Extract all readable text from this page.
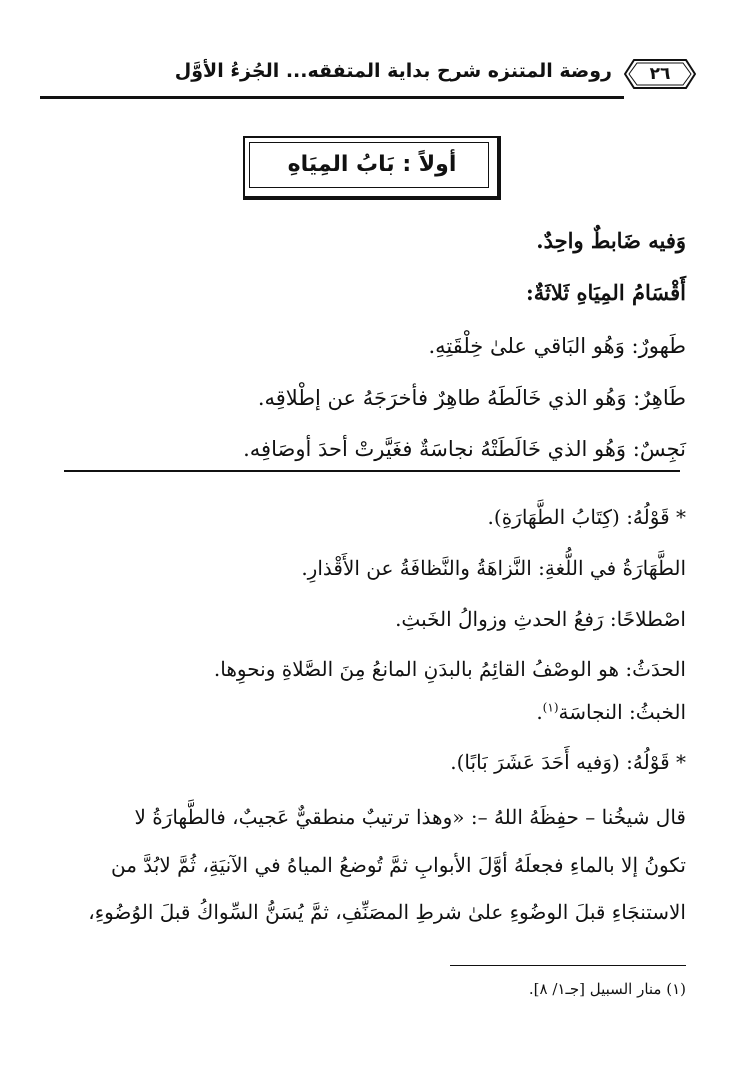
٢٦
روضة المتنزه شرح بداية المتفقه... الجُزءُ الأوَّل
أولاً : بَابُ المِيَاهِ
وَفيه ضَابطٌ واحِدٌ.
أَقْسَامُ المِيَاهِ ثَلاثَةٌ:
طَهورٌ: وَهُو البَاقي علىٰ خِلْقَتِهِ.
طَاهِرٌ: وَهُو الذي خَالَطَهُ طاهِرٌ فأخرَجَهُ عن إطْلاقِه.
نَجِسٌ: وَهُو الذي خَالَطَتْهُ نجاسَةٌ فغَيَّرتْ أحدَ أوصَافِه.
* قَوْلُهُ: (كِتَابُ الطَّهَارَةِ).
الطَّهَارَةُ في اللُّغةِ: النَّزاهَةُ والنَّظافَةُ عن الأَقْذارِ.
اصْطلاحًا: رَفعُ الحدثِ وزوالُ الخَبثِ.
الحدَثُ: هو الوصْفُ القائِمُ بالبدَنِ المانعُ مِنَ الصَّلاةِ ونحوِها.
الخبثُ: النجاسَة$^{(١)}$.
* قَوْلُهُ: (وَفيه أَحَدَ عَشَرَ بَابًا).
قال شيخُنا – حفِظَهُ اللهُ –: «وهذا ترتيبٌ منطقيٌّ عَجيبٌ، فالطَّهارَةُ لا
تكونُ إلا بالماءِ فجعلَهُ أوَّلَ الأبوابِ ثمَّ تُوضعُ المياهُ في الآنيَةِ، ثُمَّ لابُدَّ من
الاستنجَاءِ قبلَ الوضُوءِ علىٰ شرطِ المصَنِّفِ، ثمَّ يُسَنُّ السِّواكُ قبلَ الوُضُوءِ،
(١) منار السبيل [جـ١/ ٨].
